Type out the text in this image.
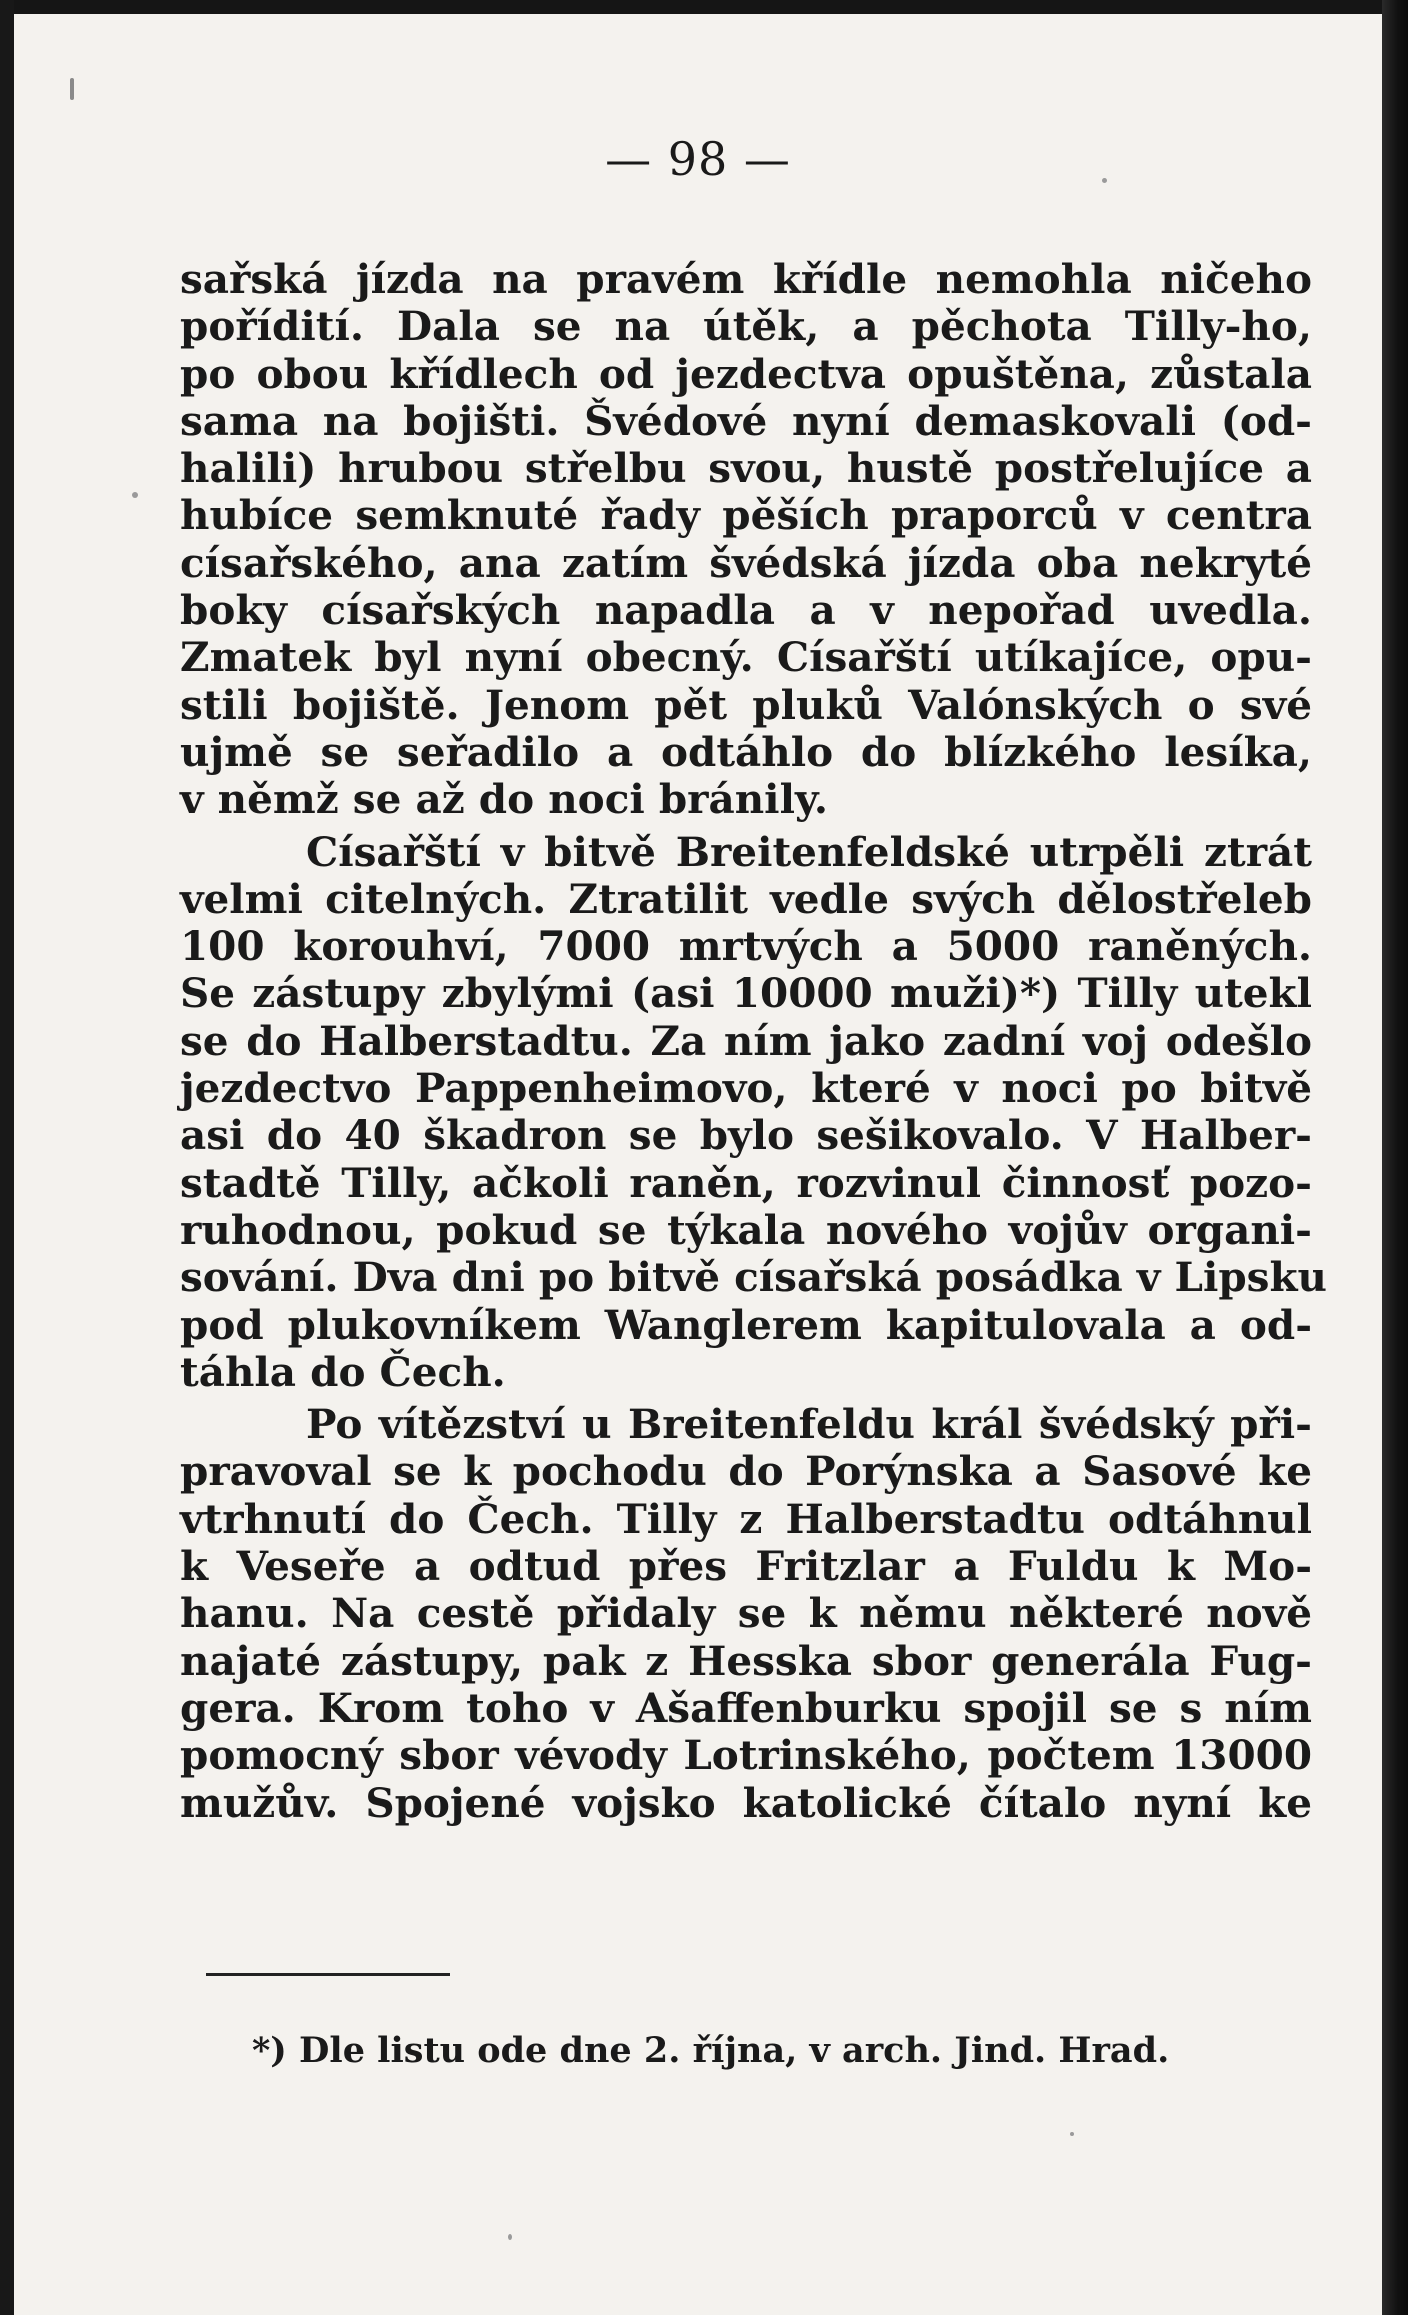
— 98 —
sařská jízda na pravém křídle nemohla ničeho
pořídití. Dala se na útěk, a pěchota Tilly-ho,
po obou křídlech od jezdectva opuštěna, zůstala
sama na bojišti. Švédové nyní demaskovali (od-
halili) hrubou střelbu svou, hustě postřelujíce a
hubíce semknuté řady pěších praporců v centra
císařského, ana zatím švédská jízda oba nekryté
boky císařských napadla a v nepořad uvedla.
Zmatek byl nyní obecný. Císařští utíkajíce, opu-
stili bojiště. Jenom pět pluků Valónských o své
ujmě se seřadilo a odtáhlo do blízkého lesíka,
v němž se až do noci bránily.
Císařští v bitvě Breitenfeldské utrpěli ztrát
velmi citelných. Ztratilit vedle svých dělostřeleb
100 korouhví, 7000 mrtvých a 5000 raněných.
Se zástupy zbylými (asi 10000 muži)*) Tilly utekl
se do Halberstadtu. Za ním jako zadní voj odešlo
jezdectvo Pappenheimovo, které v noci po bitvě
asi do 40 škadron se bylo sešikovalo. V Halber-
stadtě Tilly, ačkoli raněn, rozvinul činnosť pozo-
ruhodnou, pokud se týkala nového vojův organi-
sování. Dva dni po bitvě císařská posádka v Lipsku
pod plukovníkem Wanglerem kapitulovala a od-
táhla do Čech.
Po vítězství u Breitenfeldu král švédský při-
pravoval se k pochodu do Porýnska a Sasové ke
vtrhnutí do Čech. Tilly z Halberstadtu odtáhnul
k Veseře a odtud přes Fritzlar a Fuldu k Mo-
hanu. Na cestě přidaly se k němu některé nově
najaté zástupy, pak z Hesska sbor generála Fug-
gera. Krom toho v Ašaffenburku spojil se s ním
pomocný sbor vévody Lotrinského, počtem 13000
mužův. Spojené vojsko katolické čítalo nyní ke
*) Dle listu ode dne 2. října, v arch. Jind. Hrad.
